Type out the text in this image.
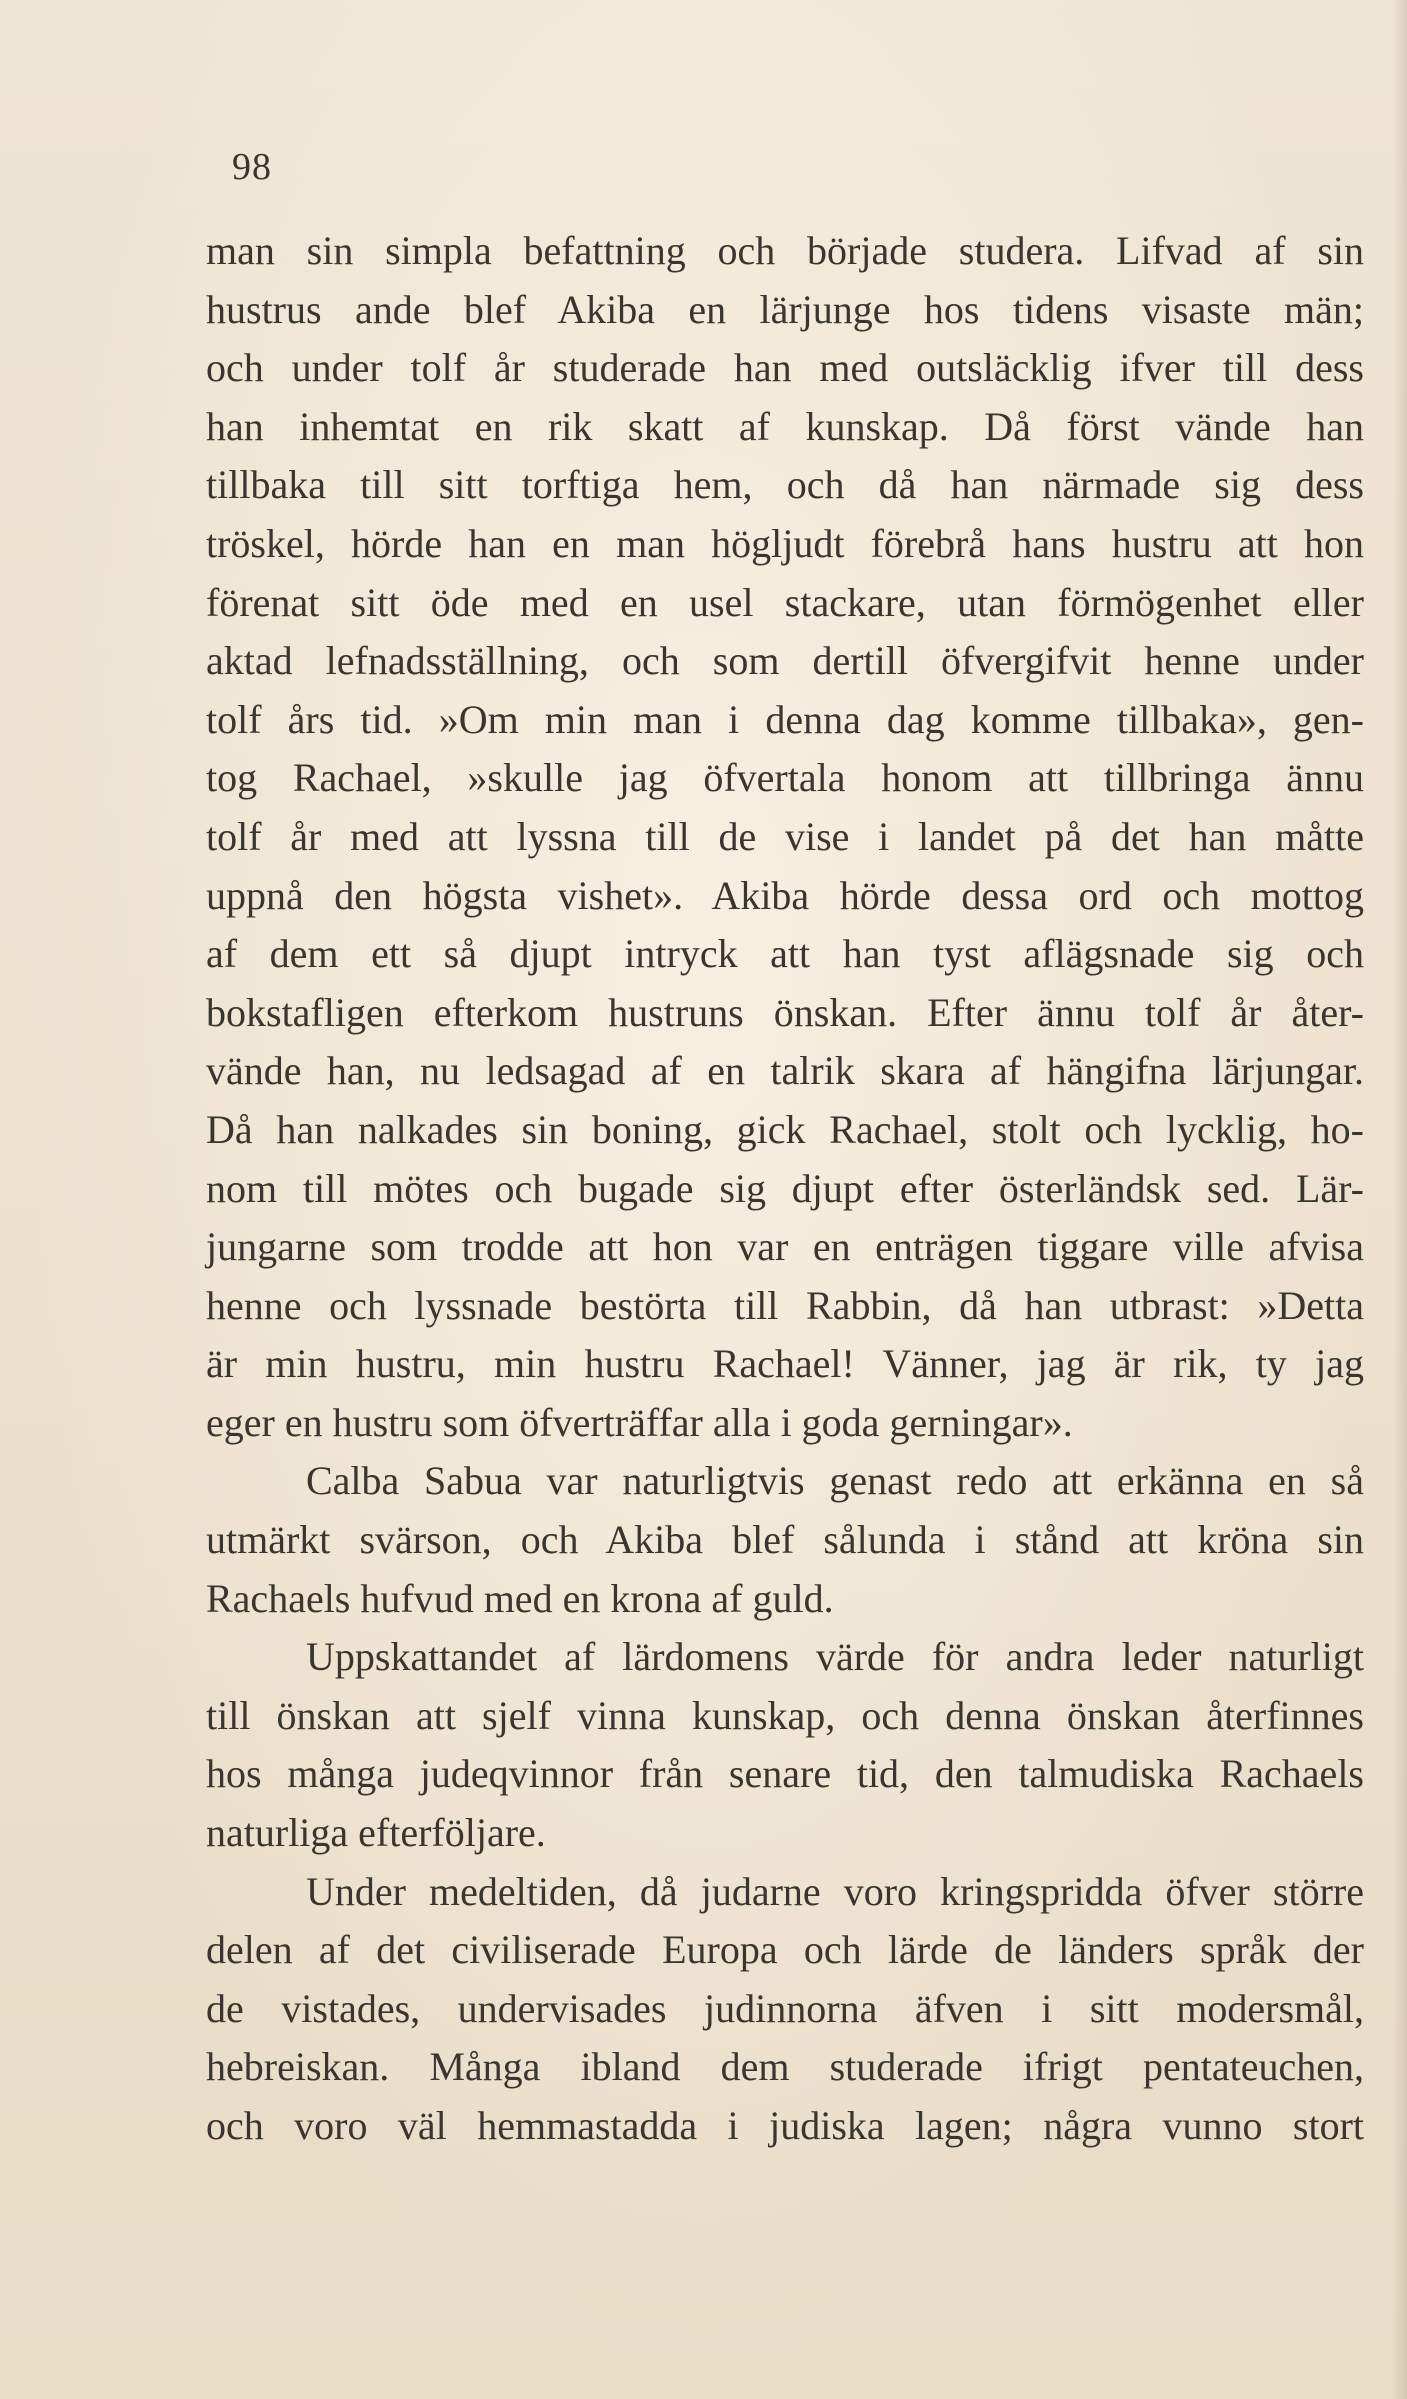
98
man sin simpla befattning och började studera. Lifvad af sin
hustrus ande blef Akiba en lärjunge hos tidens visaste män;
och under tolf år studerade han med outsläcklig ifver till dess
han inhemtat en rik skatt af kunskap. Då först vände han
tillbaka till sitt torftiga hem, och då han närmade sig dess
tröskel, hörde han en man högljudt förebrå hans hustru att hon
förenat sitt öde med en usel stackare, utan förmögenhet eller
aktad lefnadsställning, och som dertill öfvergifvit henne under
tolf års tid. »Om min man i denna dag komme tillbaka», gen-
tog Rachael, »skulle jag öfvertala honom att tillbringa ännu
tolf år med att lyssna till de vise i landet på det han måtte
uppnå den högsta vishet». Akiba hörde dessa ord och mottog
af dem ett så djupt intryck att han tyst aflägsnade sig och
bokstafligen efterkom hustruns önskan. Efter ännu tolf år åter-
vände han, nu ledsagad af en talrik skara af hängifna lärjungar.
Då han nalkades sin boning, gick Rachael, stolt och lycklig, ho-
nom till mötes och bugade sig djupt efter österländsk sed. Lär-
jungarne som trodde att hon var en enträgen tiggare ville afvisa
henne och lyssnade bestörta till Rabbin, då han utbrast: »Detta
är min hustru, min hustru Rachael! Vänner, jag är rik, ty jag
eger en hustru som öfverträffar alla i goda gerningar».
Calba Sabua var naturligtvis genast redo att erkänna en så
utmärkt svärson, och Akiba blef sålunda i stånd att kröna sin
Rachaels hufvud med en krona af guld.
Uppskattandet af lärdomens värde för andra leder naturligt
till önskan att sjelf vinna kunskap, och denna önskan återfinnes
hos många judeqvinnor från senare tid, den talmudiska Rachaels
naturliga efterföljare.
Under medeltiden, då judarne voro kringspridda öfver större
delen af det civiliserade Europa och lärde de länders språk der
de vistades, undervisades judinnorna äfven i sitt modersmål,
hebreiskan. Många ibland dem studerade ifrigt pentateuchen,
och voro väl hemmastadda i judiska lagen; några vunno stort
